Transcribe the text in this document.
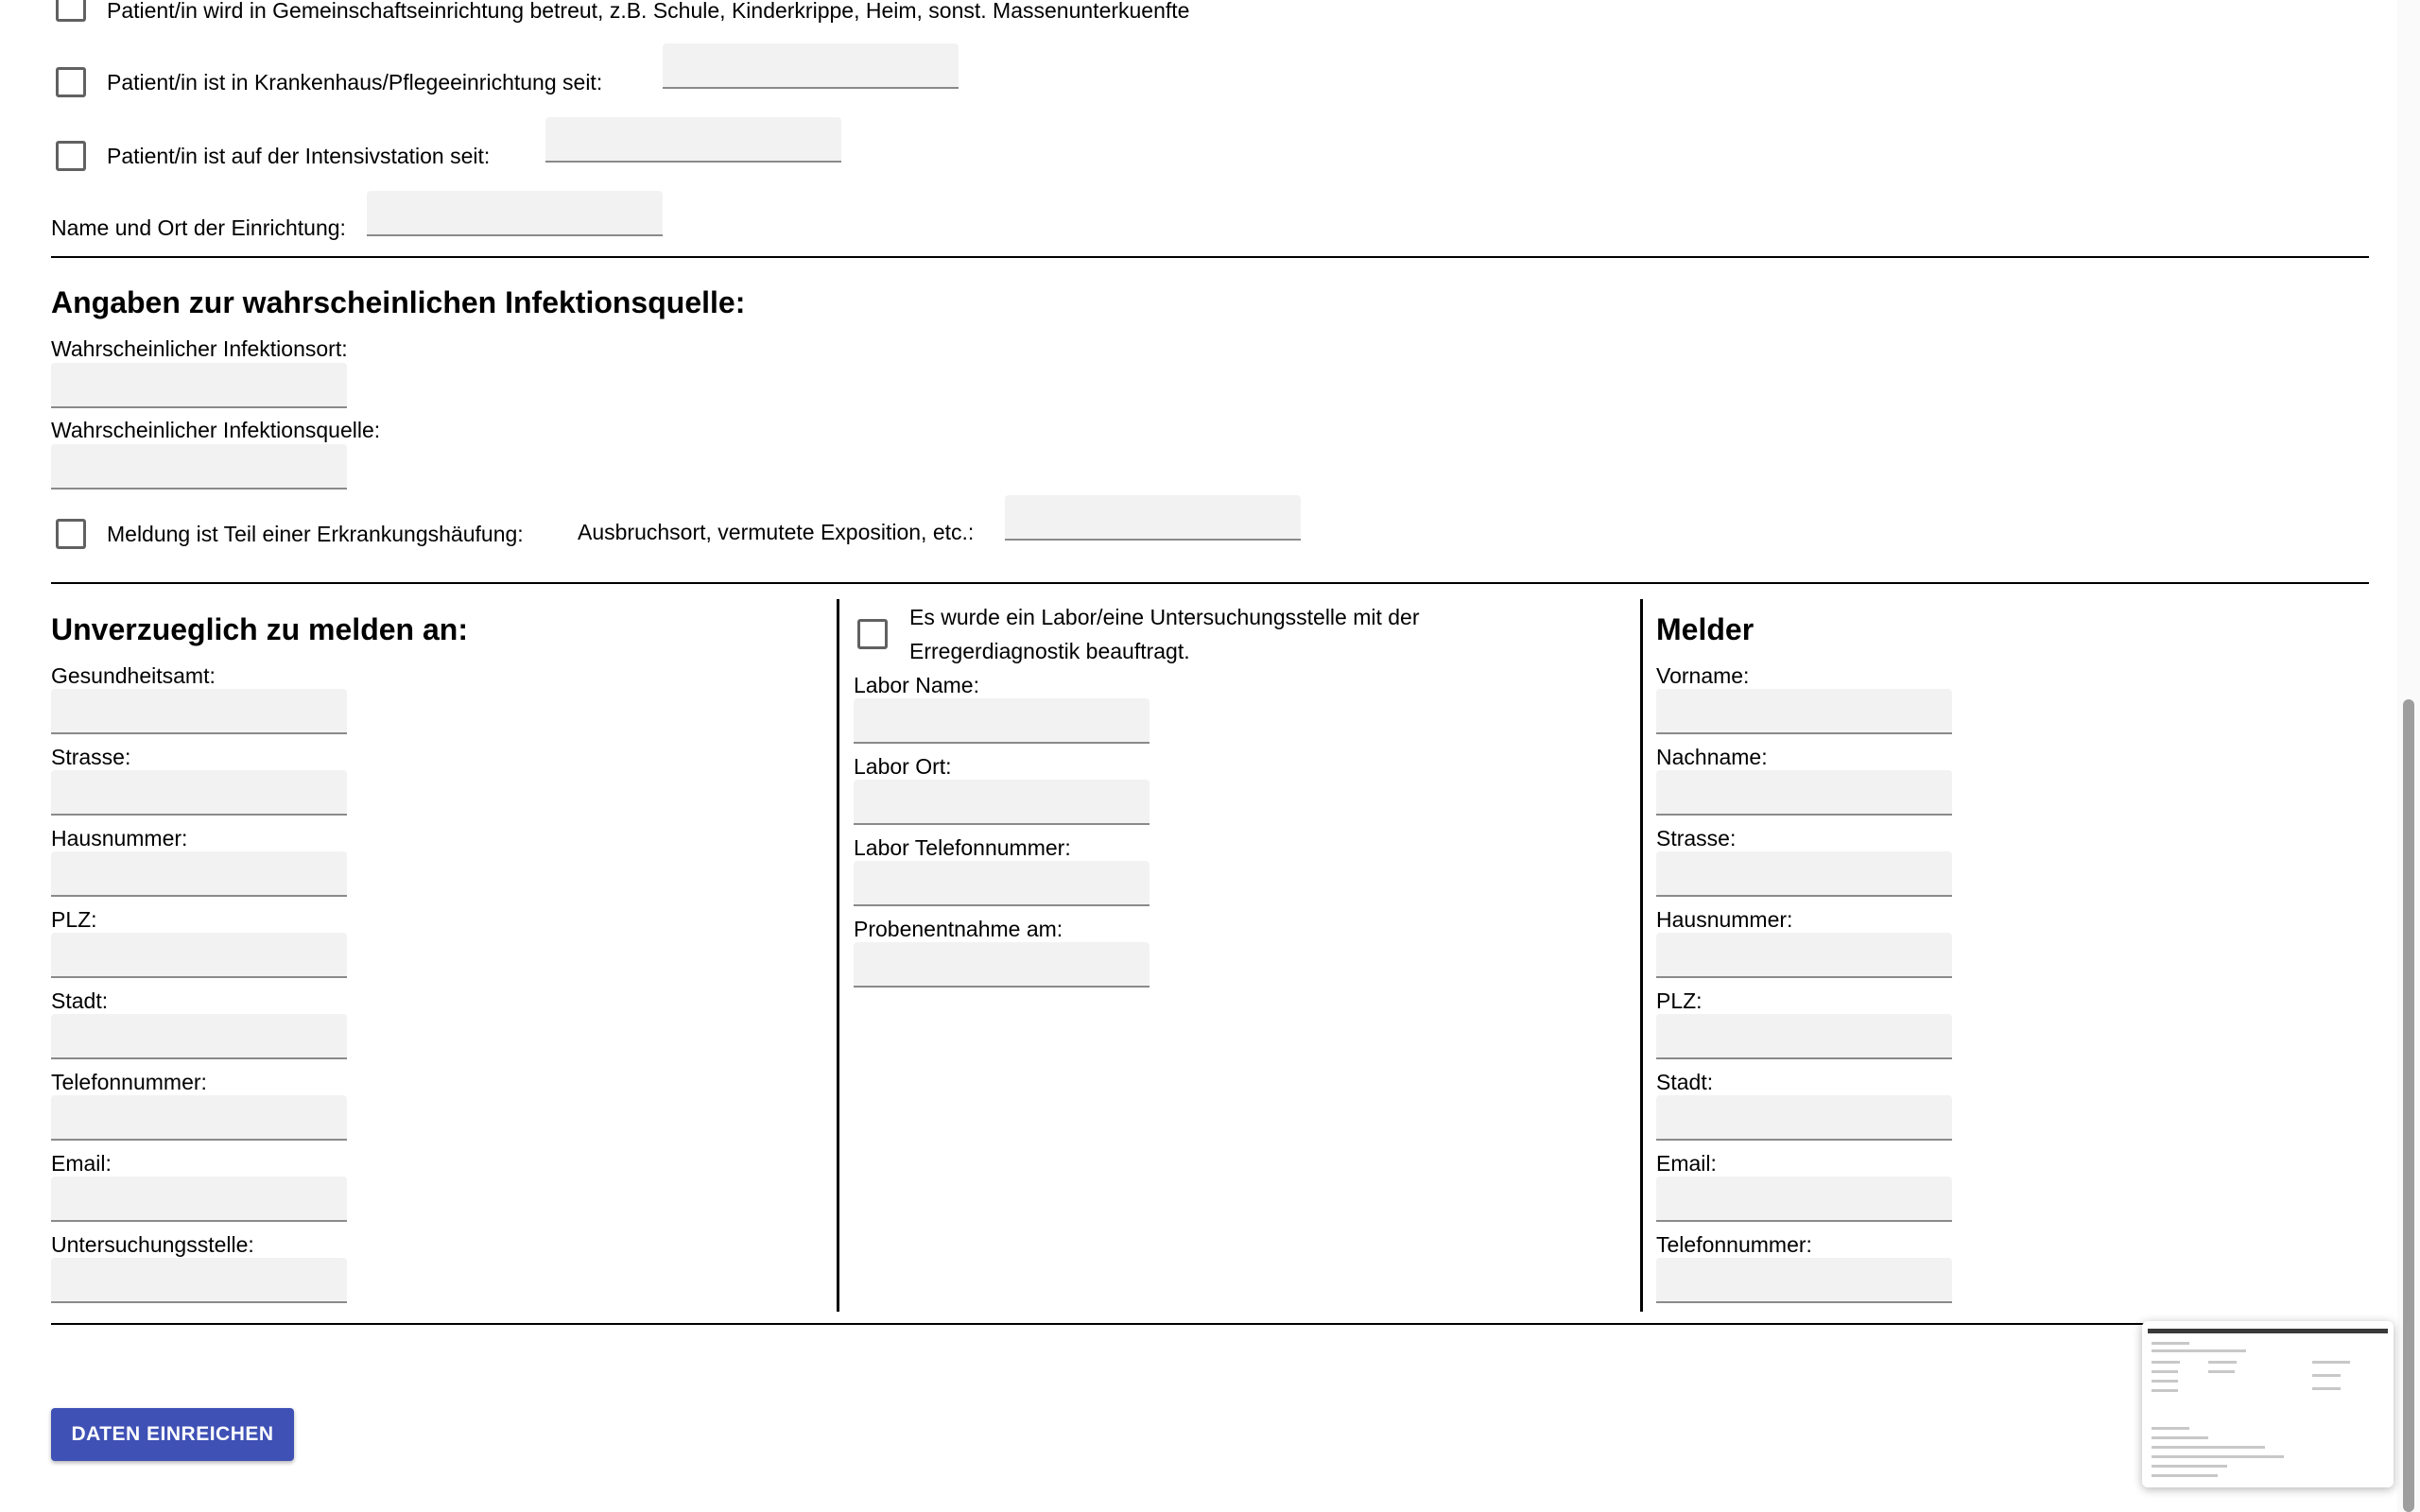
Patient/in wird in Gemeinschaftseinrichtung betreut, z.B. Schule, Kinderkrippe, Heim, sonst. Massenunterkuenfte
Patient/in ist in Krankenhaus/Pflegeeinrichtung seit:
Patient/in ist auf der Intensivstation seit:
Name und Ort der Einrichtung:
Angaben zur wahrscheinlichen Infektionsquelle:
Wahrscheinlicher Infektionsort:
Wahrscheinlicher Infektionsquelle:
Meldung ist Teil einer Erkrankungshäufung: Ausbruchsort, vermutete Exposition, etc.:
Unverzueglich zu melden an:
Gesundheitsamt:
Strasse:
Hausnummer:
PLZ:
Stadt:
Telefonnummer:
Email:
Untersuchungsstelle:
Es wurde ein Labor/eine Untersuchungsstelle mit der
Erregerdiagnostik beauftragt.
Labor Name:
Labor Ort:
Labor Telefonnummer:
Probenentnahme am:
Melder
Vorname:
Nachname:
Strasse:
Hausnummer:
PLZ:
Stadt:
Email:
Telefonnummer:
DATEN EINREICHEN
